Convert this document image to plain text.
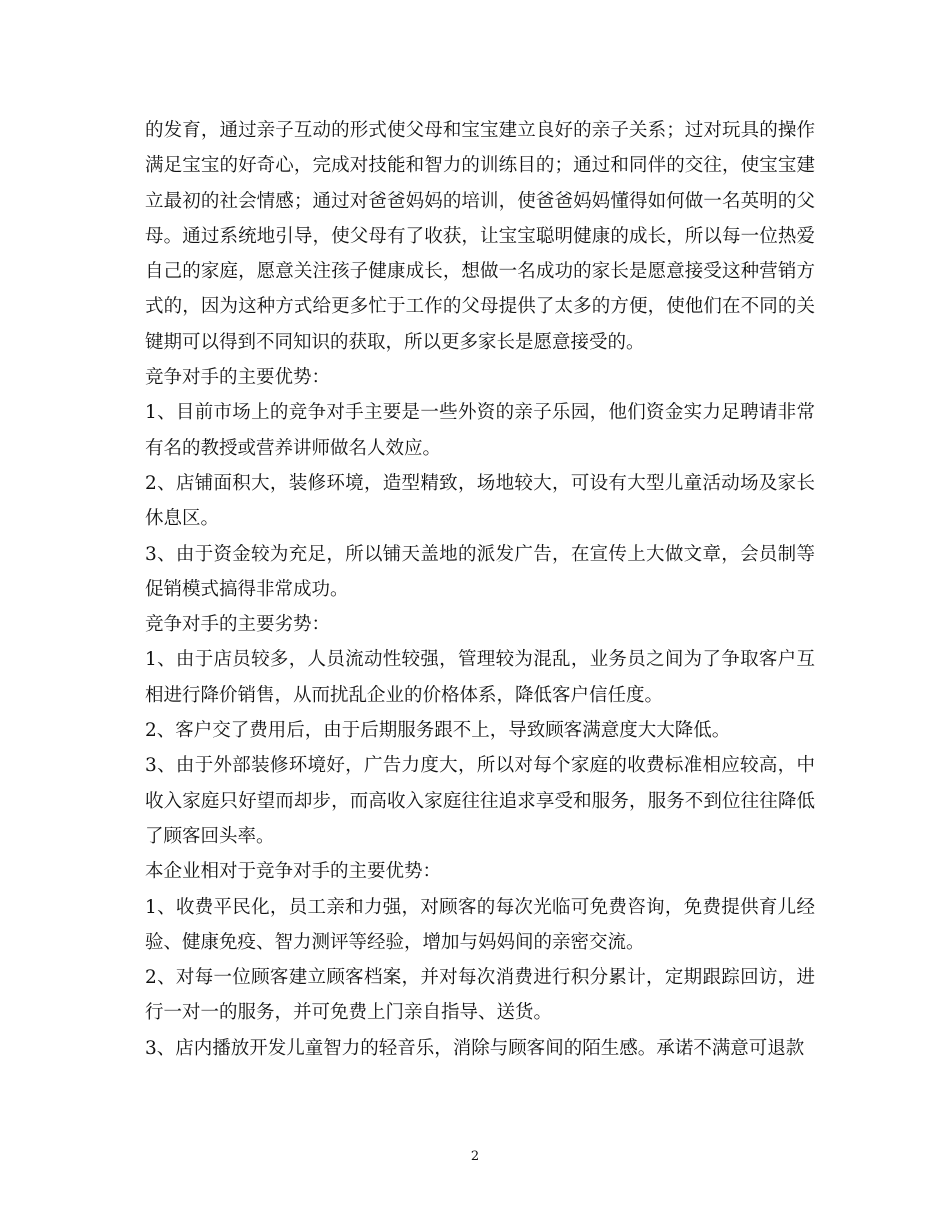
的发育，通过亲子互动的形式使父母和宝宝建立良好的亲子关系；过对玩具的操作满足宝宝的好奇心，完成对技能和智力的训练目的；通过和同伴的交往，使宝宝建立最初的社会情感；通过对爸爸妈妈的培训，使爸爸妈妈懂得如何做一名英明的父母。通过系统地引导，使父母有了收获，让宝宝聪明健康的成长，所以每一位热爱自己的家庭，愿意关注孩子健康成长，想做一名成功的家长是愿意接受这种营销方式的，因为这种方式给更多忙于工作的父母提供了太多的方便，使他们在不同的关键期可以得到不同知识的获取，所以更多家长是愿意接受的。

竞争对手的主要优势：

1、目前市场上的竞争对手主要是一些外资的亲子乐园，他们资金实力足聘请非常有名的教授或营养讲师做名人效应。

2、店铺面积大，装修环境，造型精致，场地较大，可设有大型儿童活动场及家长休息区。

3、由于资金较为充足，所以铺天盖地的派发广告，在宣传上大做文章，会员制等促销模式搞得非常成功。

竞争对手的主要劣势：

1、由于店员较多，人员流动性较强，管理较为混乱，业务员之间为了争取客户互相进行降价销售，从而扰乱企业的价格体系，降低客户信任度。

2、客户交了费用后，由于后期服务跟不上，导致顾客满意度大大降低。

3、由于外部装修环境好，广告力度大，所以对每个家庭的收费标准相应较高，中收入家庭只好望而却步，而高收入家庭往往追求享受和服务，服务不到位往往降低了顾客回头率。

本企业相对于竞争对手的主要优势：

1、收费平民化，员工亲和力强，对顾客的每次光临可免费咨询，免费提供育儿经验、健康免疫、智力测评等经验，增加与妈妈间的亲密交流。

2、对每一位顾客建立顾客档案，并对每次消费进行积分累计，定期跟踪回访，进行一对一的服务，并可免费上门亲自指导、送货。

3、店内播放开发儿童智力的轻音乐，消除与顾客间的陌生感。承诺不满意可退款

2
